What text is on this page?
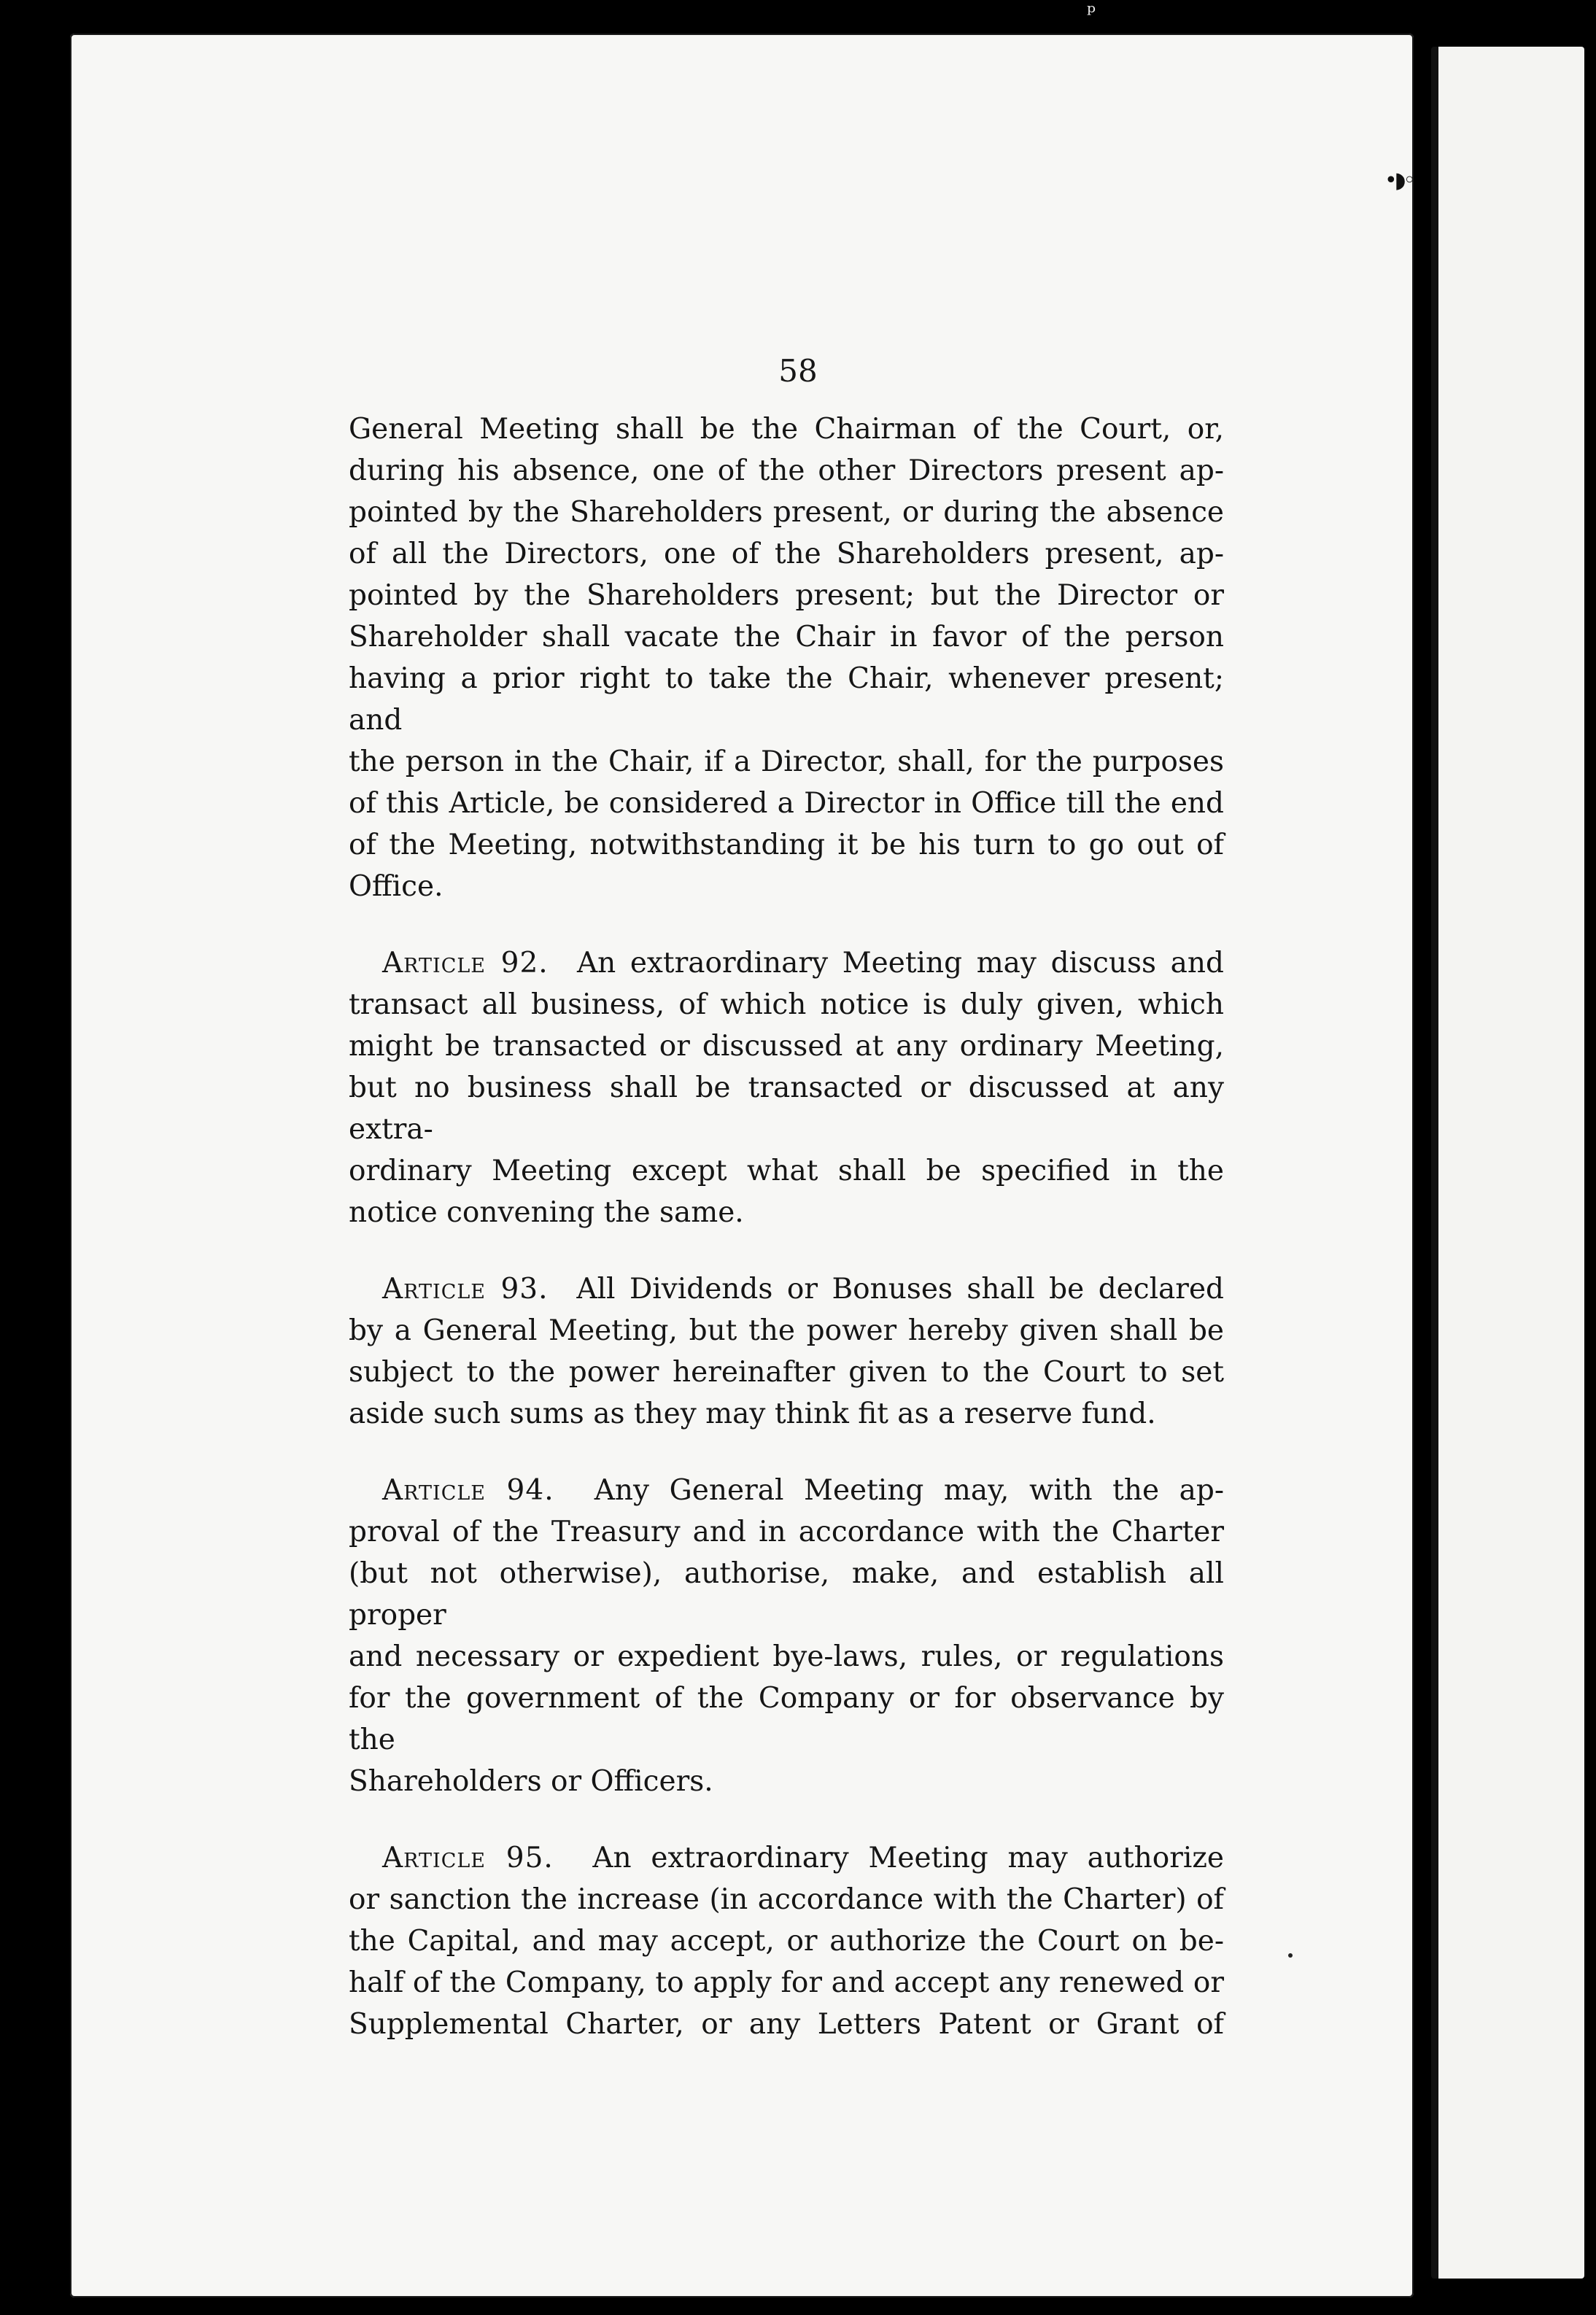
ᵖ
•◗◦
58

General Meeting shall be the Chairman of the Court, or,
during his absence, one of the other Directors present ap-
pointed by the Shareholders present, or during the absence
of all the Directors, one of the Shareholders present, ap-
pointed by the Shareholders present; but the Director or
Shareholder shall vacate the Chair in favor of the person
having a prior right to take the Chair, whenever present; and
the person in the Chair, if a Director, shall, for the purposes
of this Article, be considered a Director in Office till the end
of the Meeting, notwithstanding it be his turn to go out of
Office.

Article 92. An extraordinary Meeting may discuss and
transact all business, of which notice is duly given, which
might be transacted or discussed at any ordinary Meeting,
but no business shall be transacted or discussed at any extra-
ordinary Meeting except what shall be specified in the
notice convening the same.

Article 93. All Dividends or Bonuses shall be declared
by a General Meeting, but the power hereby given shall be
subject to the power hereinafter given to the Court to set
aside such sums as they may think fit as a reserve fund.

Article 94. Any General Meeting may, with the ap-
proval of the Treasury and in accordance with the Charter
(but not otherwise), authorise, make, and establish all proper
and necessary or expedient bye-laws, rules, or regulations
for the government of the Company or for observance by the
Shareholders or Officers.

Article 95. An extraordinary Meeting may authorize
or sanction the increase (in accordance with the Charter) of
the Capital, and may accept, or authorize the Court on be-
half of the Company, to apply for and accept any renewed or
Supplemental Charter, or any Letters Patent or Grant of
